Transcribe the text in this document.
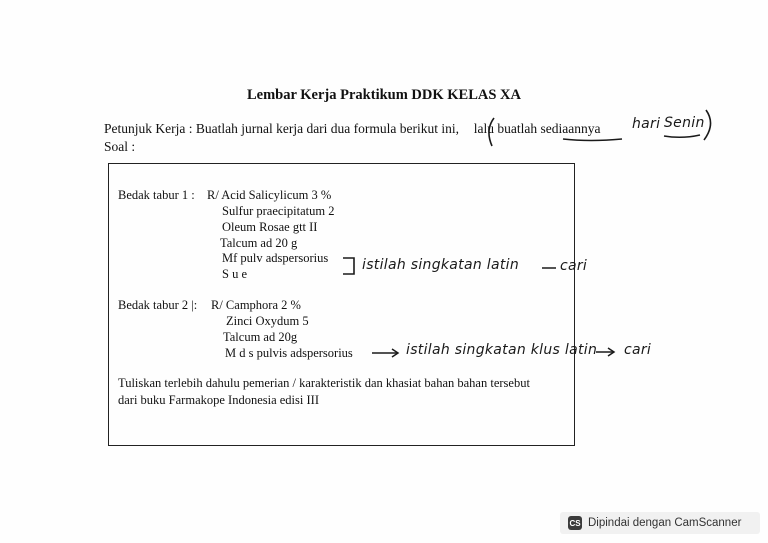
Lembar Kerja Praktikum DDK KELAS XA
Petunjuk Kerja : Buatlah jurnal kerja dari dua formula berikut ini, lalu buatlah sediaannya
Soal :
hari Senin
Bedak tabur 1 : R/ Acid Salicylicum 3 %
Sulfur praecipitatum 2
Oleum Rosae gtt II
Talcum ad 20 g
Mf pulv adspersorius
S u e
Bedak tabur 2 |: R/ Camphora 2 %
Zinci Oxydum 5
Talcum ad 20g
M d s pulvis adspersorius
Tuliskan terlebih dahulu pemerian / karakteristik dan khasiat bahan bahan tersebut
dari buku Farmakope Indonesia edisi III
istilah singkatan latin	cari
istilah singkatan klus latin cari
CS Dipindai dengan CamScanner
